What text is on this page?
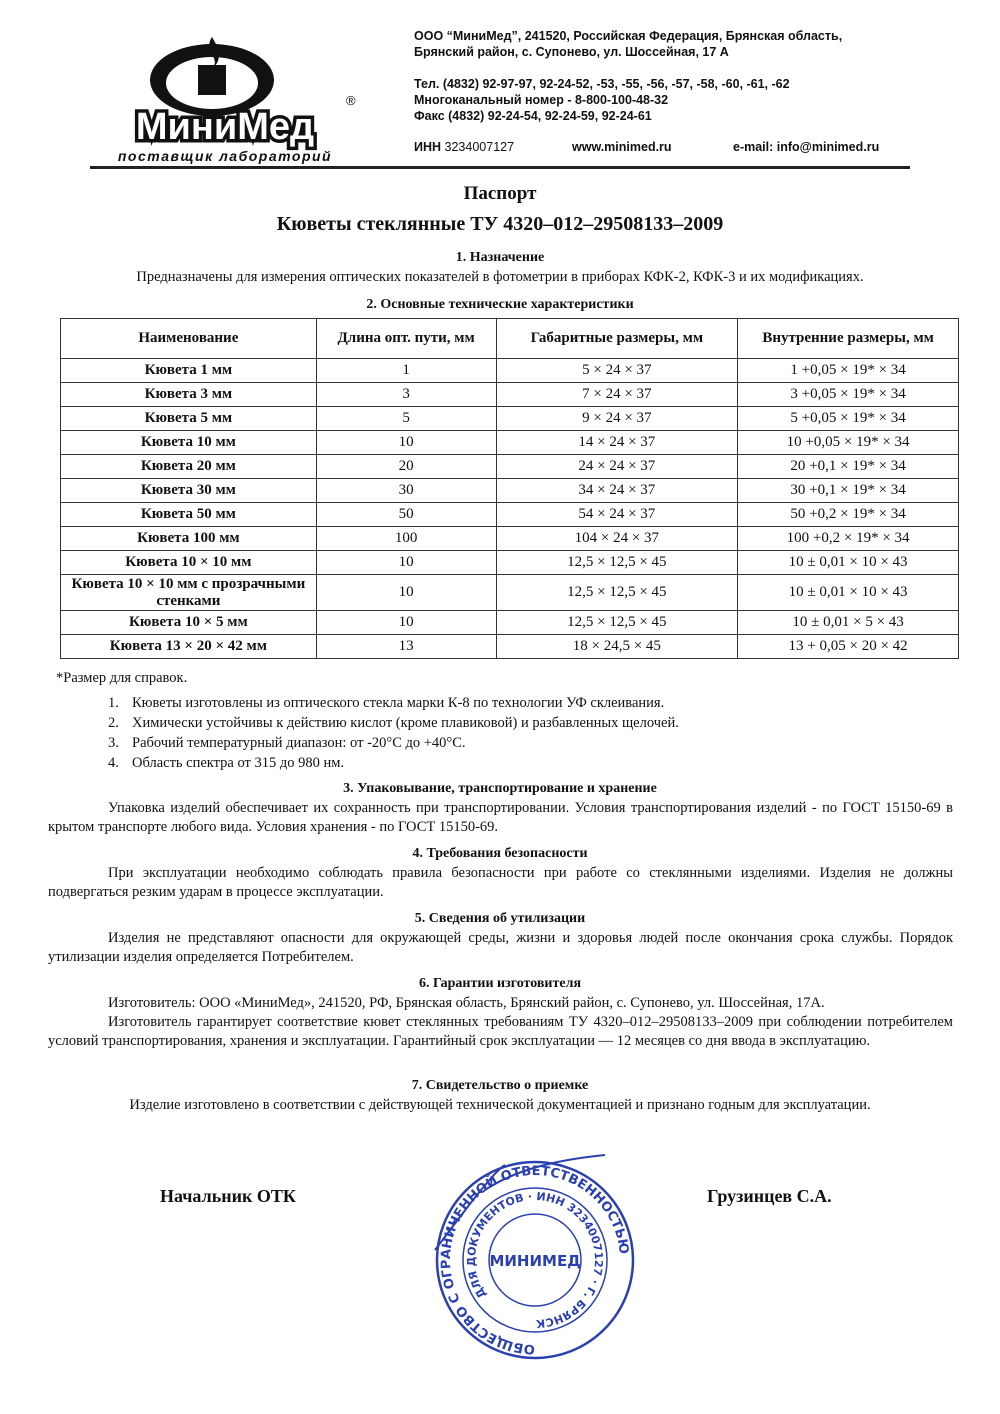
МиниМед
поставщик лабораторий
®

ООО “МиниМед”, 241520, Российская Федерация, Брянская область,

Брянский район, с. Супонево, ул. Шоссейная, 17 А

Тел. (4832) 92-97-97, 92-24-52, -53, -55, -56, -57, -58, -60, -61, -62

Многоканальный номер - 8-800-100-48-32

Факс (4832) 92-24-54, 92-24-59, 92-24-61

ИНН 3234007127	www.minimed.ru	e-mail: info@minimed.ru
Паспорт
Кюветы стеклянные ТУ 4320–012–29508133–2009
1. Назначение
Предназначены для измерения оптических показателей в фотометрии в приборах КФК-2, КФК-3 и их модификациях.
2. Основные технические характеристики
Наименование	Длина опт. пути, мм	Габаритные размеры, мм	Внутренние размеры, мм
Кювета 1 мм	1	5 × 24 × 37	1 +0,05 × 19* × 34
Кювета 3 мм	3	7 × 24 × 37	3 +0,05 × 19* × 34
Кювета 5 мм	5	9 × 24 × 37	5 +0,05 × 19* × 34
Кювета 10 мм	10	14 × 24 × 37	10 +0,05 × 19* × 34
Кювета 20 мм	20	24 × 24 × 37	20 +0,1 × 19* × 34
Кювета 30 мм	30	34 × 24 × 37	30 +0,1 × 19* × 34
Кювета 50 мм	50	54 × 24 × 37	50 +0,2 × 19* × 34
Кювета 100 мм	100	104 × 24 × 37	100 +0,2 × 19* × 34
Кювета 10 × 10 мм	10	12,5 × 12,5 × 45	10 ± 0,01 × 10 × 43
Кювета 10 × 10 мм с прозрачными стенками	10	12,5 × 12,5 × 45	10 ± 0,01 × 10 × 43
Кювета 10 × 5 мм	10	12,5 × 12,5 × 45	10 ± 0,01 × 5 × 43
Кювета 13 × 20 × 42 мм	13	18 × 24,5 × 45	13 + 0,05 × 20 × 42
*Размер для справок.
1. Кюветы изготовлены из оптического стекла марки К-8 по технологии УФ склеивания.
2. Химически устойчивы к действию кислот (кроме плавиковой) и разбавленных щелочей.
3. Рабочий температурный диапазон: от -20°С до +40°С.
4. Область спектра от 315 до 980 нм.
3. Упаковывание, транспортирование и хранение
Упаковка изделий обеспечивает их сохранность при транспортировании. Условия транспортирования изделий - по ГОСТ 15150-69 в крытом транспорте любого вида. Условия хранения - по ГОСТ 15150-69.
4. Требования безопасности
При эксплуатации необходимо соблюдать правила безопасности при работе со стеклянными изделиями. Изделия не должны подвергаться резким ударам в процессе эксплуатации.
5. Сведения об утилизации
Изделия не представляют опасности для окружающей среды, жизни и здоровья людей после окончания срока службы. Порядок утилизации изделия определяется Потребителем.
6. Гарантии изготовителя
Изготовитель: ООО «МиниМед», 241520, РФ, Брянская область, Брянский район, с. Супонево, ул. Шоссейная, 17А.
Изготовитель гарантирует соответствие кювет стеклянных требованиям ТУ 4320–012–29508133–2009 при соблюдении потребителем условий транспортирования, хранения и эксплуатации. Гарантийный срок эксплуатации — 12 месяцев со дня ввода в эксплуатацию.
7. Свидетельство о приемке
Изделие изготовлено в соответствии с действующей технической документацией и признано годным для эксплуатации.
Начальник ОТК	Грузинцев С.А.
ОБЩЕСТВО С ОГРАНИЧЕННОЙ ОТВЕТСТВЕННОСТЬЮ
ДЛЯ ДОКУМЕНТОВ · ИНН 3234007127 · Г. БРЯНСК
МИНИМЕД
